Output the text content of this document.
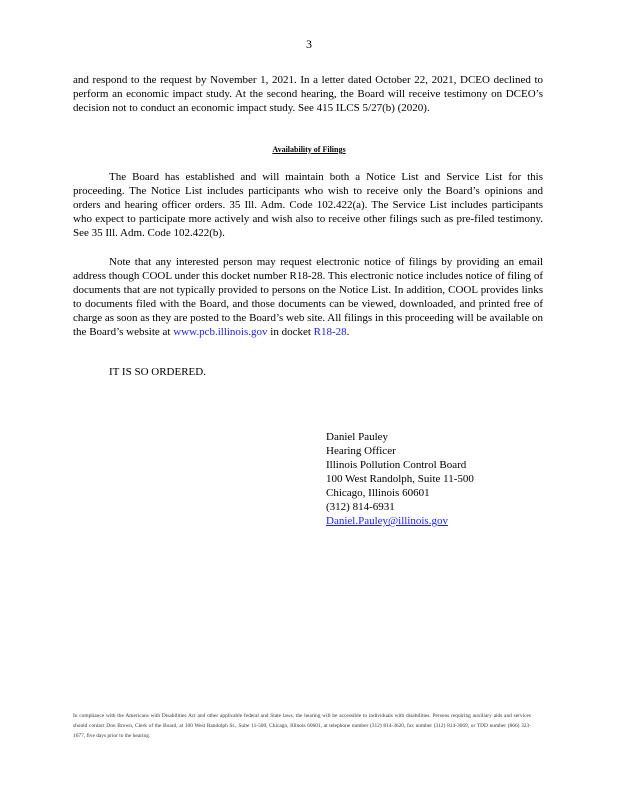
3

and respond to the request by November 1, 2021. In a letter dated October 22, 2021, DCEO declined to perform an economic impact study. At the second hearing, the Board will receive testimony on DCEO’s decision not to conduct an economic impact study. See 415 ILCS 5/27(b) (2020).

Availability of Filings

The Board has established and will maintain both a Notice List and Service List for this proceeding. The Notice List includes participants who wish to receive only the Board’s opinions and orders and hearing officer orders. 35 Ill. Adm. Code 102.422(a). The Service List includes participants who expect to participate more actively and wish also to receive other filings such as pre-filed testimony. See 35 Ill. Adm. Code 102.422(b).

Note that any interested person may request electronic notice of filings by providing an email address though COOL under this docket number R18-28. This electronic notice includes notice of filing of documents that are not typically provided to persons on the Notice List. In addition, COOL provides links to documents filed with the Board, and those documents can be viewed, downloaded, and printed free of charge as soon as they are posted to the Board’s web site. All filings in this proceeding will be available on the Board’s website at www.pcb.illinois.gov in docket R18-28.

IT IS SO ORDERED.
Daniel Pauley
Hearing Officer
Illinois Pollution Control Board
100 West Randolph, Suite 11-500
Chicago, Illinois 60601
(312) 814-6931
Daniel.Pauley@illinois.gov

In compliance with the Americans with Disabilities Act and other applicable federal and State laws, the hearing will be accessible to individuals with disabilities. Persons requiring auxiliary aids and services should contact Don Brown, Clerk of the Board, at 100 West Randolph St., Suite 11-500, Chicago, Illinois 60601, at telephone number (312) 814-3620, fax number (312) 814-3669, or TDD number (866) 323-1677, five days prior to the hearing.
